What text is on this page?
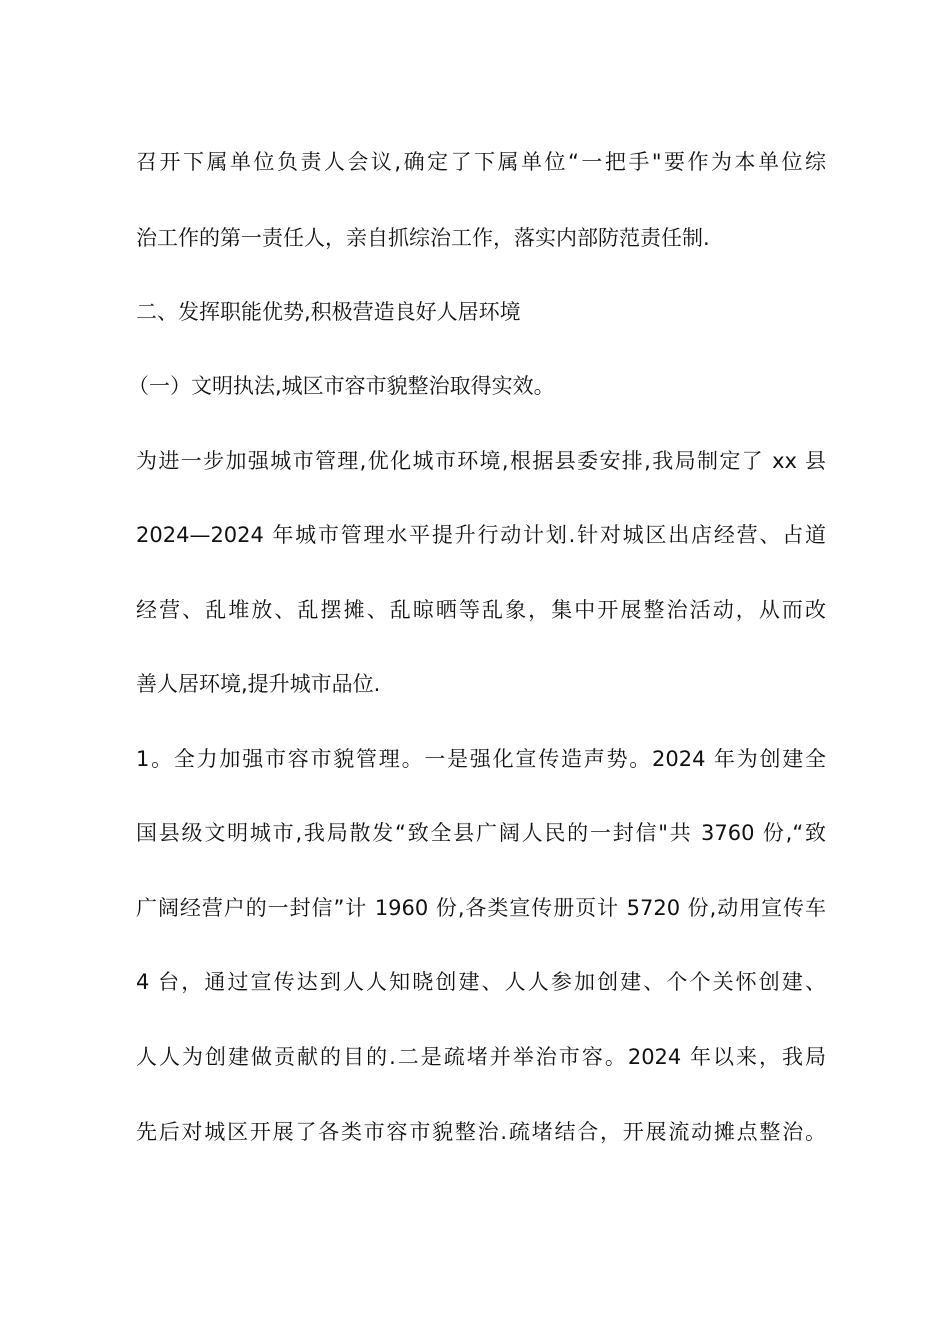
召开下属单位负责人会议,确定了下属单位“一把手"要作为本单位综
治工作的第一责任人，亲自抓综治工作，落实内部防范责任制.
二、发挥职能优势,积极营造良好人居环境
（一）文明执法,城区市容市貌整治取得实效。
为进一步加强城市管理,优化城市环境,根据县委安排,我局制定了 xx 县
2024—2024 年城市管理水平提升行动计划.针对城区出店经营、占道
经营、乱堆放、乱摆摊、乱晾晒等乱象，集中开展整治活动，从而改
善人居环境,提升城市品位.
1。全力加强市容市貌管理。一是强化宣传造声势。2024 年为创建全
国县级文明城市,我局散发“致全县广阔人民的一封信"共 3760 份,“致
广阔经营户的一封信”计 1960 份,各类宣传册页计 5720 份,动用宣传车
4 台，通过宣传达到人人知晓创建、人人参加创建、个个关怀创建、
人人为创建做贡献的目的.二是疏堵并举治市容。2024 年以来，我局
先后对城区开展了各类市容市貌整治.疏堵结合，开展流动摊点整治。
